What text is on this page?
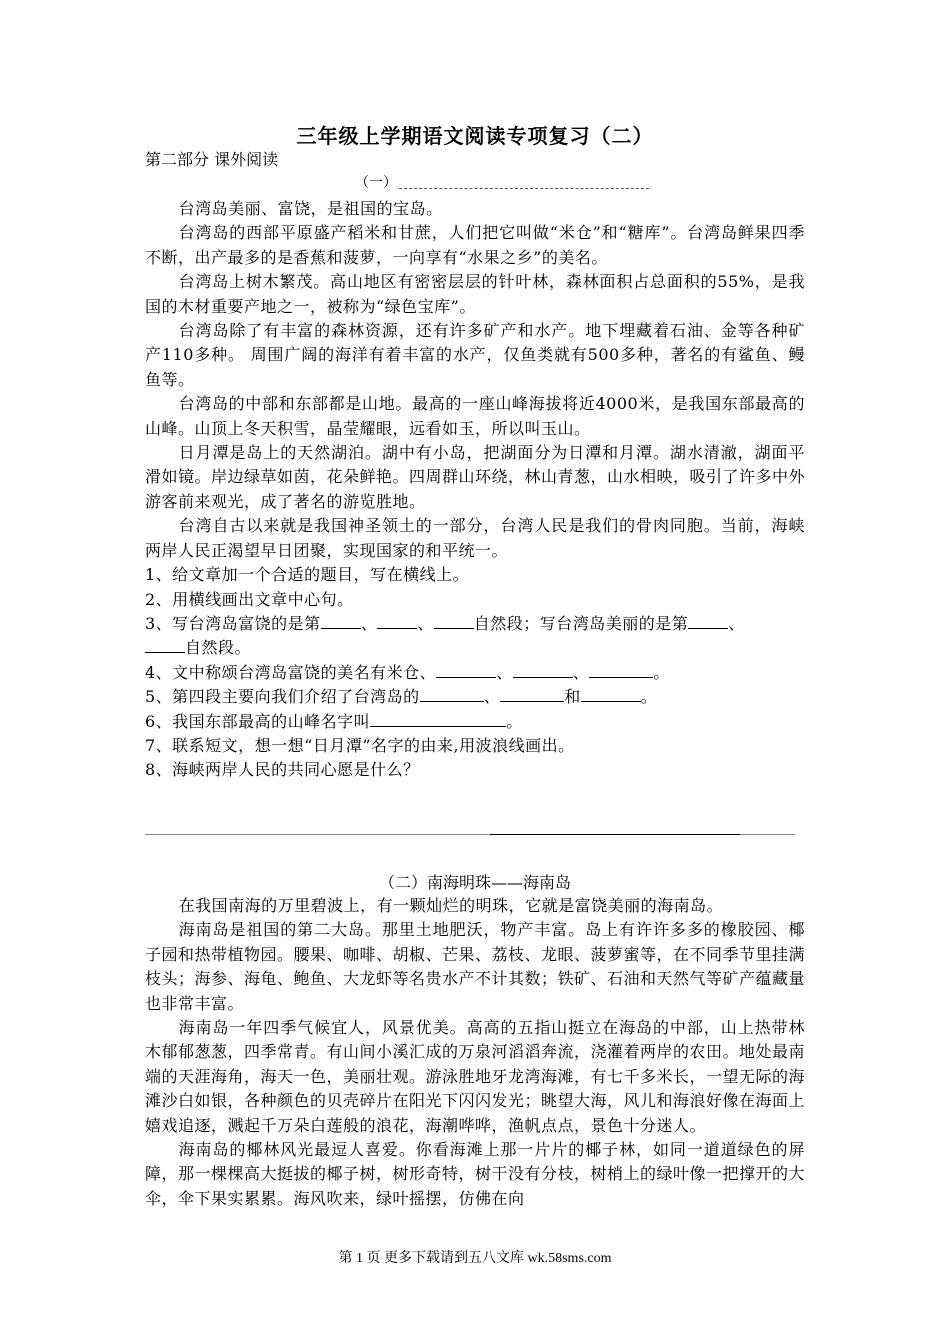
三年级上学期语文阅读专项复习（二）
第二部分 课外阅读
（一）

台湾岛美丽、富饶，是祖国的宝岛。

台湾岛的西部平原盛产稻米和甘蔗，人们把它叫做“米仓”和“糖库”。台湾岛鲜果四季不断，出产最多的是香蕉和菠萝，一向享有“水果之乡”的美名。

台湾岛上树木繁茂。高山地区有密密层层的针叶林，森林面积占总面积的55%，是我国的木材重要产地之一，被称为“绿色宝库”。

台湾岛除了有丰富的森林资源，还有许多矿产和水产。地下埋藏着石油、金等各种矿产110多种。 周围广阔的海洋有着丰富的水产，仅鱼类就有500多种，著名的有鲨鱼、鳗鱼等。

台湾岛的中部和东部都是山地。最高的一座山峰海拔将近4000米，是我国东部最高的山峰。山顶上冬天积雪，晶莹耀眼，远看如玉，所以叫玉山。

日月潭是岛上的天然湖泊。湖中有小岛，把湖面分为日潭和月潭。湖水清澈，湖面平滑如镜。岸边绿草如茵，花朵鲜艳。四周群山环绕，林山青葱，山水相映，吸引了许多中外游客前来观光，成了著名的游览胜地。

台湾自古以来就是我国神圣领土的一部分，台湾人民是我们的骨肉同胞。当前，海峡两岸人民正渴望早日团聚，实现国家的和平统一。

1、给文章加一个合适的题目，写在横线上。
2、用横线画出文章中心句。
3、写台湾岛富饶的是第	、	、	自然段；写台湾岛美丽的是第	、
自然段。
4、文中称颂台湾岛富饶的美名有米仓、	、	、	。
5、第四段主要向我们介绍了台湾岛的	、	和	。
6、我国东部最高的山峰名字叫	。
7、联系短文，想一想“日月潭”名字的由来,用波浪线画出。
8、海峡两岸人民的共同心愿是什么？
（二）南海明珠——海南岛

在我国南海的万里碧波上，有一颗灿烂的明珠，它就是富饶美丽的海南岛。

海南岛是祖国的第二大岛。那里土地肥沃，物产丰富。岛上有许许多多的橡胶园、椰子园和热带植物园。腰果、咖啡、胡椒、芒果、荔枝、龙眼、菠萝蜜等，在不同季节里挂满枝头；海参、海龟、鲍鱼、大龙虾等名贵水产不计其数；铁矿、石油和天然气等矿产蕴藏量也非常丰富。

海南岛一年四季气候宜人，风景优美。高高的五指山挺立在海岛的中部，山上热带林木郁郁葱葱，四季常青。有山间小溪汇成的万泉河滔滔奔流，浇灌着两岸的农田。地处最南端的天涯海角，海天一色，美丽壮观。游泳胜地牙龙湾海滩，有七千多米长，一望无际的海滩沙白如银，各种颜色的贝壳碎片在阳光下闪闪发光；眺望大海，风儿和海浪好像在海面上嬉戏追逐，溅起千万朵白莲般的浪花，海潮哗哗，渔帆点点，景色十分迷人。

海南岛的椰林风光最逗人喜爱。你看海滩上那一片片的椰子林，如同一道道绿色的屏障，那一棵棵高大挺拔的椰子树，树形奇特，树干没有分枝，树梢上的绿叶像一把撑开的大伞，伞下果实累累。海风吹来，绿叶摇摆，仿佛在向

第 1 页 更多下载请到五八文库 wk.58sms.com
